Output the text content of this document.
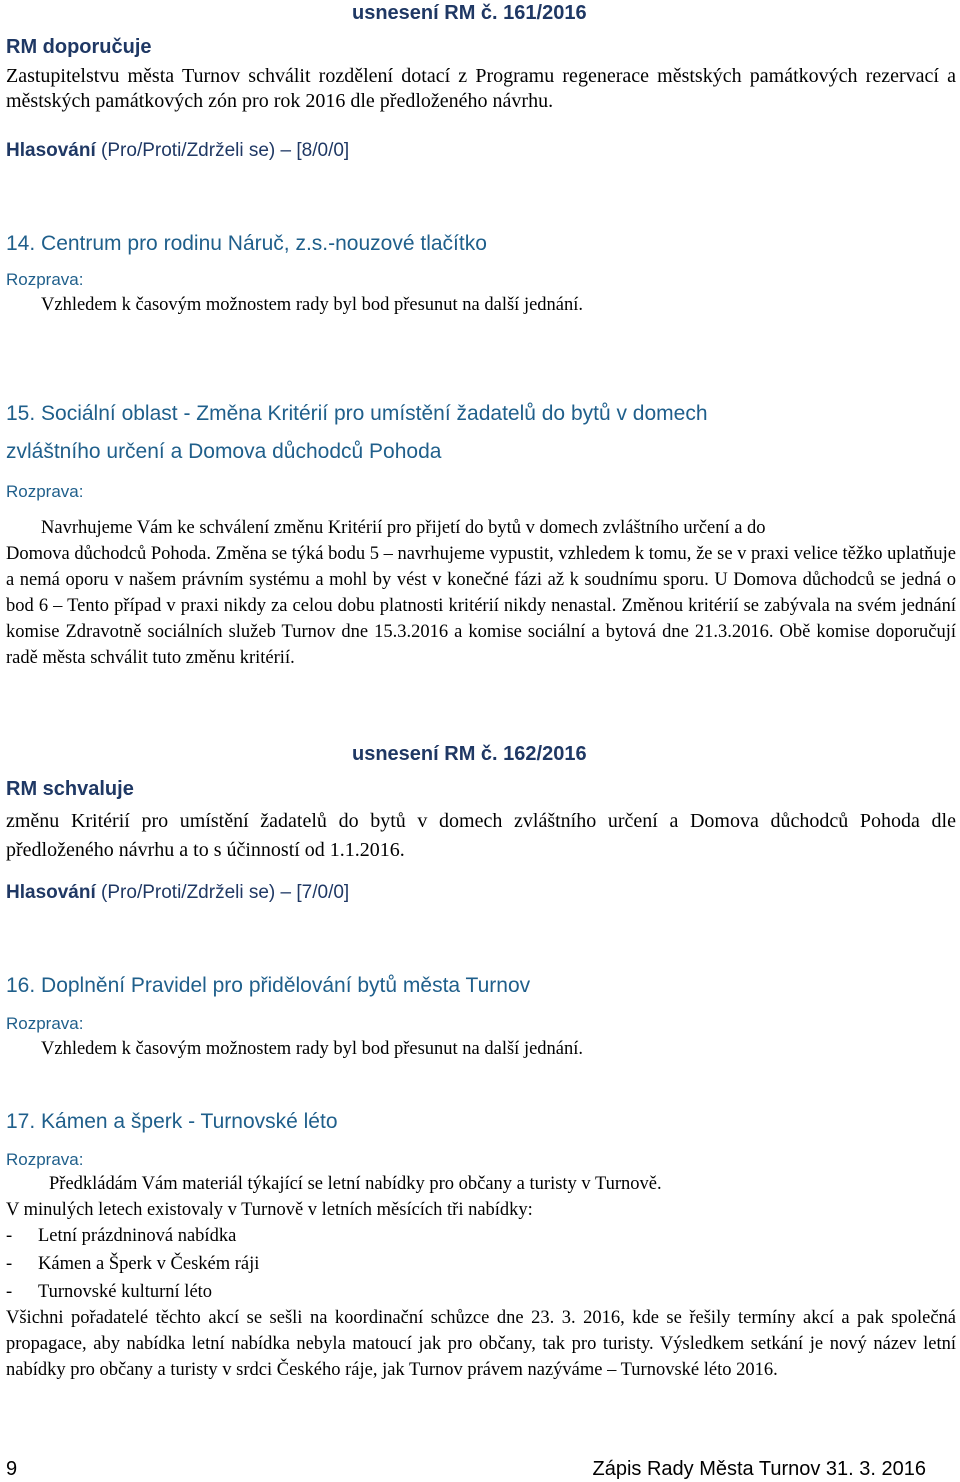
usnesení RM č. 161/2016
RM doporučuje
Zastupitelstvu města Turnov schválit rozdělení dotací z Programu regenerace městských památkových rezervací a městských památkových zón pro rok 2016 dle předloženého návrhu.
Hlasování (Pro/Proti/Zdrželi se) – [8/0/0]
14. Centrum pro rodinu Náruč, z.s.-nouzové tlačítko
Rozprava:
Vzhledem k časovým možnostem rady byl bod přesunut na další jednání.
15. Sociální oblast - Změna Kritérií pro umístění žadatelů do bytů v domech
zvláštního určení a Domova důchodců Pohoda
Rozprava:
Navrhujeme Vám ke schválení změnu Kritérií pro přijetí do bytů v domech zvláštního určení a do
Domova důchodců Pohoda. Změna se týká bodu 5 – navrhujeme vypustit, vzhledem k tomu, že se v praxi velice těžko uplatňuje a nemá oporu v našem právním systému a mohl by vést v konečné fázi až k soudnímu sporu. U Domova důchodců se jedná o bod 6 – Tento případ v praxi nikdy za celou dobu platnosti kritérií nikdy nenastal. Změnou kritérií se zabývala na svém jednání komise Zdravotně sociálních služeb Turnov dne 15.3.2016 a komise sociální a bytová dne 21.3.2016. Obě komise doporučují radě města schválit tuto změnu kritérií.
usnesení RM č. 162/2016
RM schvaluje
změnu Kritérií pro umístění žadatelů do bytů v domech zvláštního určení a Domova důchodců Pohoda dle předloženého návrhu a to s účinností od 1.1.2016.
Hlasování (Pro/Proti/Zdrželi se) – [7/0/0]
16. Doplnění Pravidel pro přidělování bytů města Turnov
Rozprava:
Vzhledem k časovým možnostem rady byl bod přesunut na další jednání.
17. Kámen a šperk - Turnovské léto
Rozprava:
Předkládám Vám materiál týkající se letní nabídky pro občany a turisty v Turnově.
V minulých letech existovaly v Turnově v letních měsících tři nabídky:
- Letní prázdninová nabídka
- Kámen a Šperk v Českém ráji
- Turnovské kulturní léto
Všichni pořadatelé těchto akcí se sešli na koordinační schůzce dne 23. 3. 2016, kde se řešily termíny akcí a pak společná propagace, aby nabídka letní nabídka nebyla matoucí jak pro občany, tak pro turisty. Výsledkem setkání je nový název letní nabídky pro občany a turisty v srdci Českého ráje, jak Turnov právem nazýváme – Turnovské léto 2016.
9	Zápis Rady Města Turnov 31. 3. 2016
